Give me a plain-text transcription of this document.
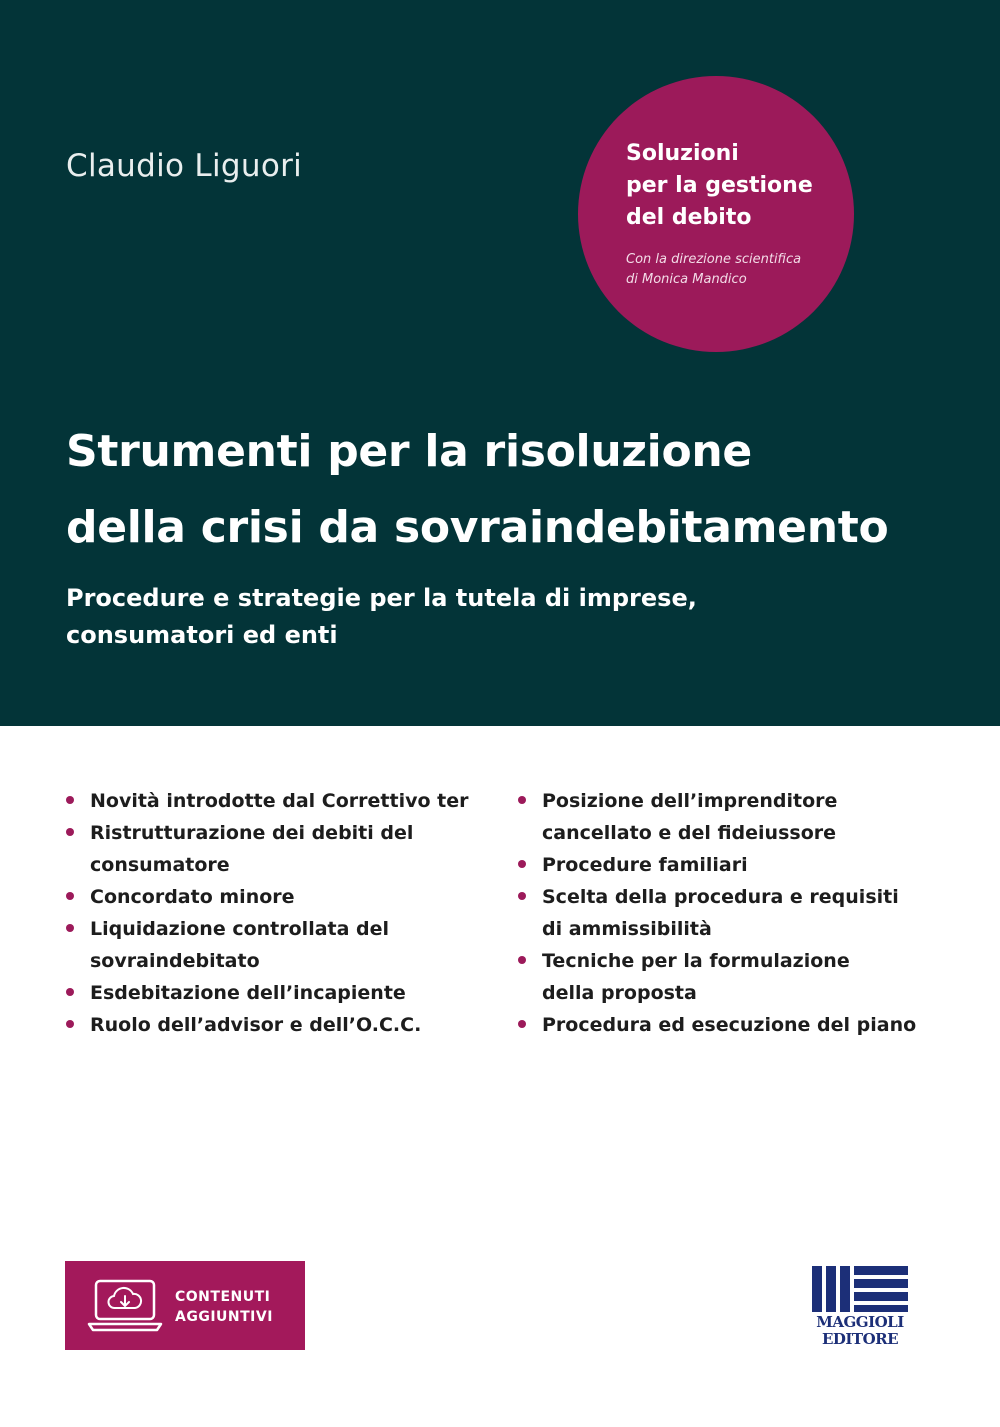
Claudio Liguori	Soluzioni
per la gestione
del debito
Con la direzione scientifica
di Monica Mandico
Strumenti per la risoluzione
della crisi da sovraindebitamento
Procedure e strategie per la tutela di imprese,
consumatori ed enti
Novità introdotte dal Correttivo ter
Ristrutturazione dei debiti del
consumatore
Concordato minore
Liquidazione controllata del
sovraindebitato
Esdebitazione dell’incapiente
Ruolo dell’advisor e dell’O.C.C.
Posizione dell’imprenditore
cancellato e del fideiussore
Procedure familiari
Scelta della procedura e requisiti
di ammissibilità
Tecniche per la formulazione
della proposta
Procedura ed esecuzione del piano
CONTENUTI
AGGIUNTIVI	MAGGIOLI
EDITORE
